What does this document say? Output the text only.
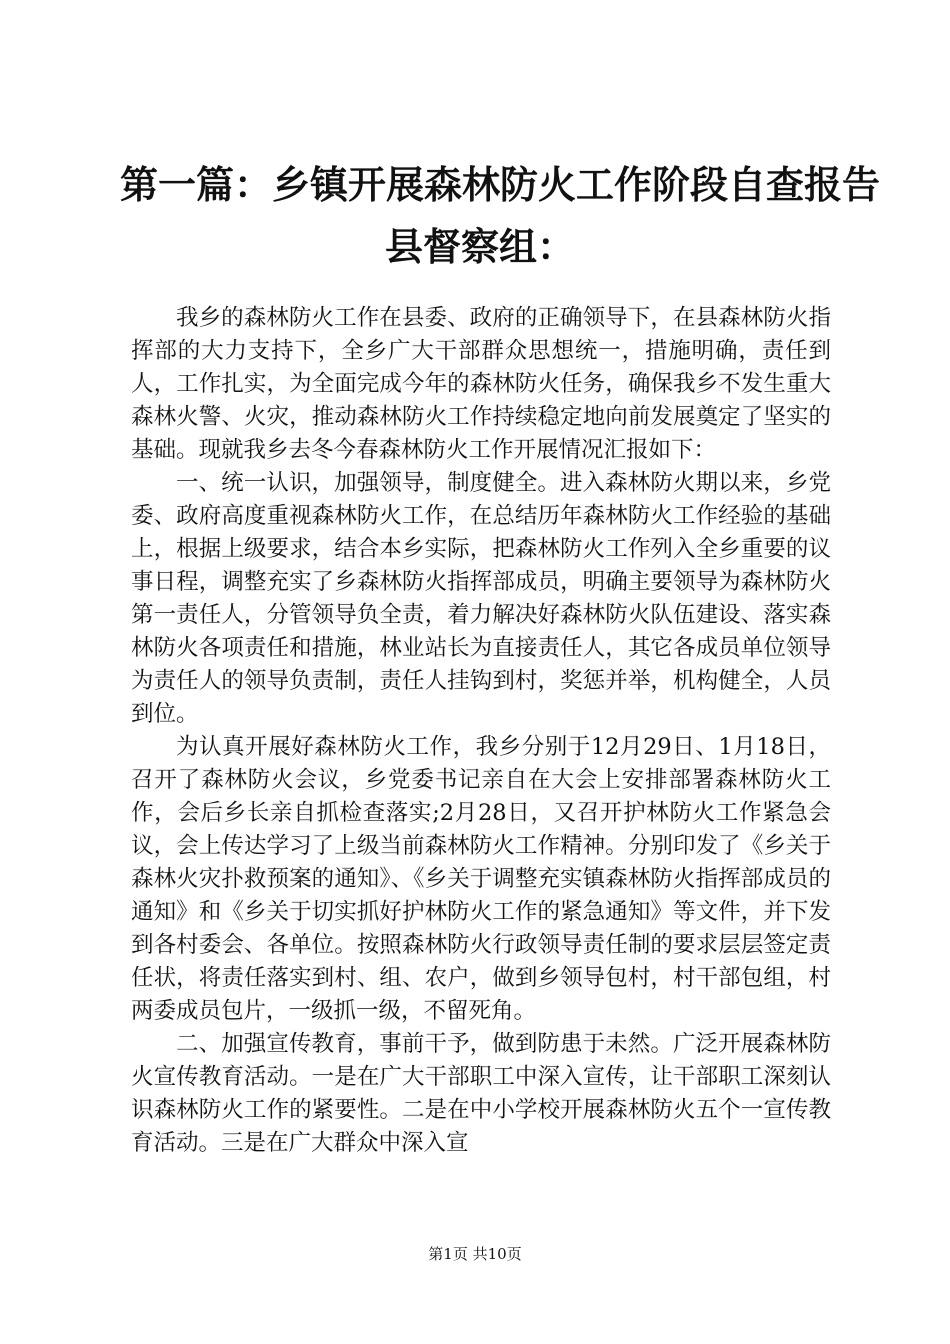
第一篇：乡镇开展森林防火工作阶段自查报告
县督察组：

我乡的森林防火工作在县委、政府的正确领导下，在县森林防火指挥部的大力支持下，全乡广大干部群众思想统一，措施明确，责任到人，工作扎实，为全面完成今年的森林防火任务，确保我乡不发生重大森林火警、火灾，推动森林防火工作持续稳定地向前发展奠定了坚实的基础。现就我乡去冬今春森林防火工作开展情况汇报如下：

一、统一认识，加强领导，制度健全。进入森林防火期以来，乡党委、政府高度重视森林防火工作，在总结历年森林防火工作经验的基础上，根据上级要求，结合本乡实际，把森林防火工作列入全乡重要的议事日程，调整充实了乡森林防火指挥部成员，明确主要领导为森林防火第一责任人，分管领导负全责，着力解决好森林防火队伍建设、落实森林防火各项责任和措施，林业站长为直接责任人，其它各成员单位领导为责任人的领导负责制，责任人挂钩到村，奖惩并举，机构健全，人员到位。

为认真开展好森林防火工作，我乡分别于12月29日、1月18日，召开了森林防火会议，乡党委书记亲自在大会上安排部署森林防火工作，会后乡长亲自抓检查落实;2月28日，又召开护林防火工作紧急会议，会上传达学习了上级当前森林防火工作精神。分别印发了《乡关于森林火灾扑救预案的通知》、《乡关于调整充实镇森林防火指挥部成员的通知》和《乡关于切实抓好护林防火工作的紧急通知》等文件，并下发到各村委会、各单位。按照森林防火行政领导责任制的要求层层签定责任状，将责任落实到村、组、农户，做到乡领导包村，村干部包组，村两委成员包片，一级抓一级，不留死角。

二、加强宣传教育，事前干予，做到防患于未然。广泛开展森林防火宣传教育活动。一是在广大干部职工中深入宣传，让干部职工深刻认识森林防火工作的紧要性。二是在中小学校开展森林防火五个一宣传教育活动。三是在广大群众中深入宣

第1页 共10页
